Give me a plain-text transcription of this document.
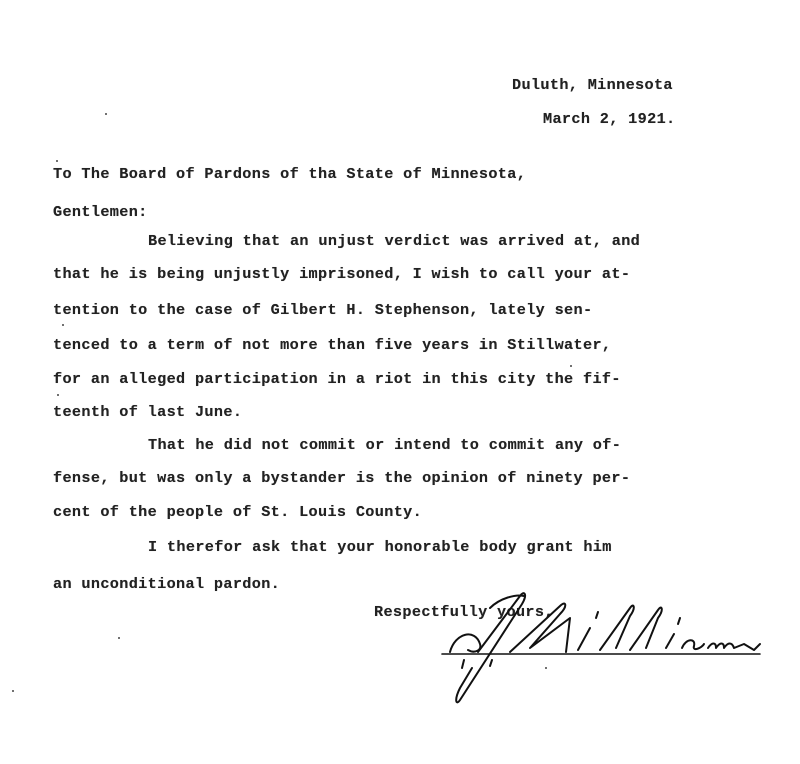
Duluth, Minnesota
March 2, 1921.
To The Board of Pardons of tha State of Minnesota,
Gentlemen:
Believing that an unjust verdict was arrived at, and
that he is being unjustly imprisoned, I wish to call your at-
tention to the case of Gilbert H. Stephenson, lately sen-
tenced to a term of not more than five years in Stillwater,
for an alleged participation in a riot in this city the fif-
teenth of last June.
That he did not commit or intend to commit any of-
fense, but was only a bystander is the opinion of ninety per-
cent of the people of St. Louis County.
I therefor ask that your honorable body grant him
an unconditional pardon.
Respectfully yours,
